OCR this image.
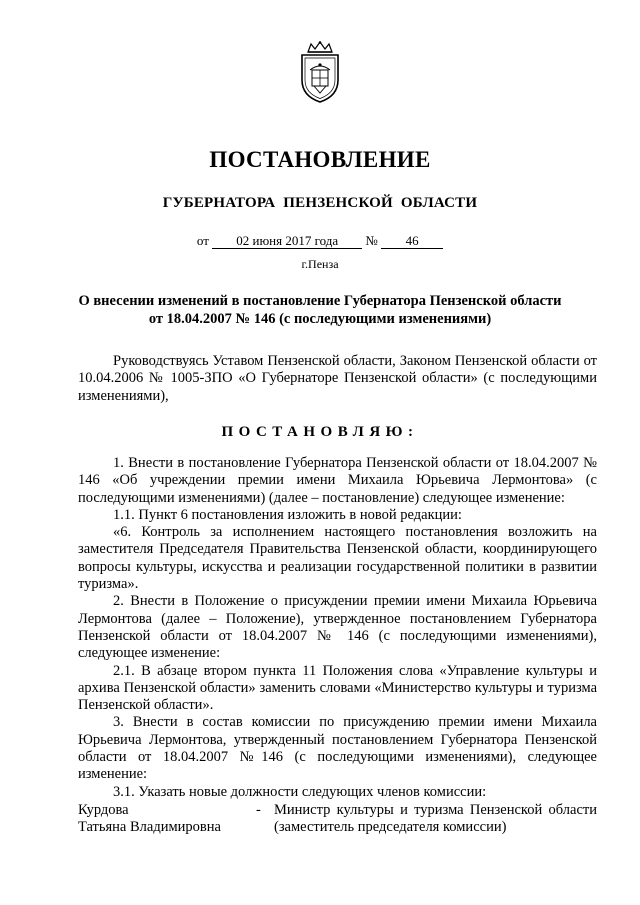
ПОСТАНОВЛЕНИЕ
ГУБЕРНАТОРА ПЕНЗЕНСКОЙ ОБЛАСТИ
от 02 июня 2017 года № 46
г.Пенза
О внесении изменений в постановление Губернатора Пензенской области
от 18.04.2007 № 146 (с последующими изменениями)

Руководствуясь Уставом Пензенской области, Законом Пензенской области от 10.04.2006 № 1005-ЗПО «О Губернаторе Пензенской области» (с последующими изменениями),

ПОСТАНОВЛЯЮ:

1. Внести в постановление Губернатора Пензенской области от 18.04.2007 № 146 «Об учреждении премии имени Михаила Юрьевича Лермонтова» (с последующими изменениями) (далее – постановление) следующее изменение:

1.1. Пункт 6 постановления изложить в новой редакции:

«6. Контроль за исполнением настоящего постановления возложить на заместителя Председателя Правительства Пензенской области, координирующего вопросы культуры, искусства и реализации государственной политики в развитии туризма».

2. Внести в Положение о присуждении премии имени Михаила Юрьевича Лермонтова (далее – Положение), утвержденное постановлением Губернатора Пензенской области от 18.04.2007 № 146 (с последующими изменениями), следующее изменение:

2.1. В абзаце втором пункта 11 Положения слова «Управление культуры и архива Пензенской области» заменить словами «Министерство культуры и туризма Пензенской области».

3. Внести в состав комиссии по присуждению премии имени Михаила Юрьевича Лермонтова, утвержденный постановлением Губернатора Пензенской области от 18.04.2007 №146 (с последующими изменениями), следующее изменение:

3.1. Указать новые должности следующих членов комиссии:

Курдова
Татьяна Владимировна
- Министр культуры и туризма Пензенской области (заместитель председателя комиссии)
